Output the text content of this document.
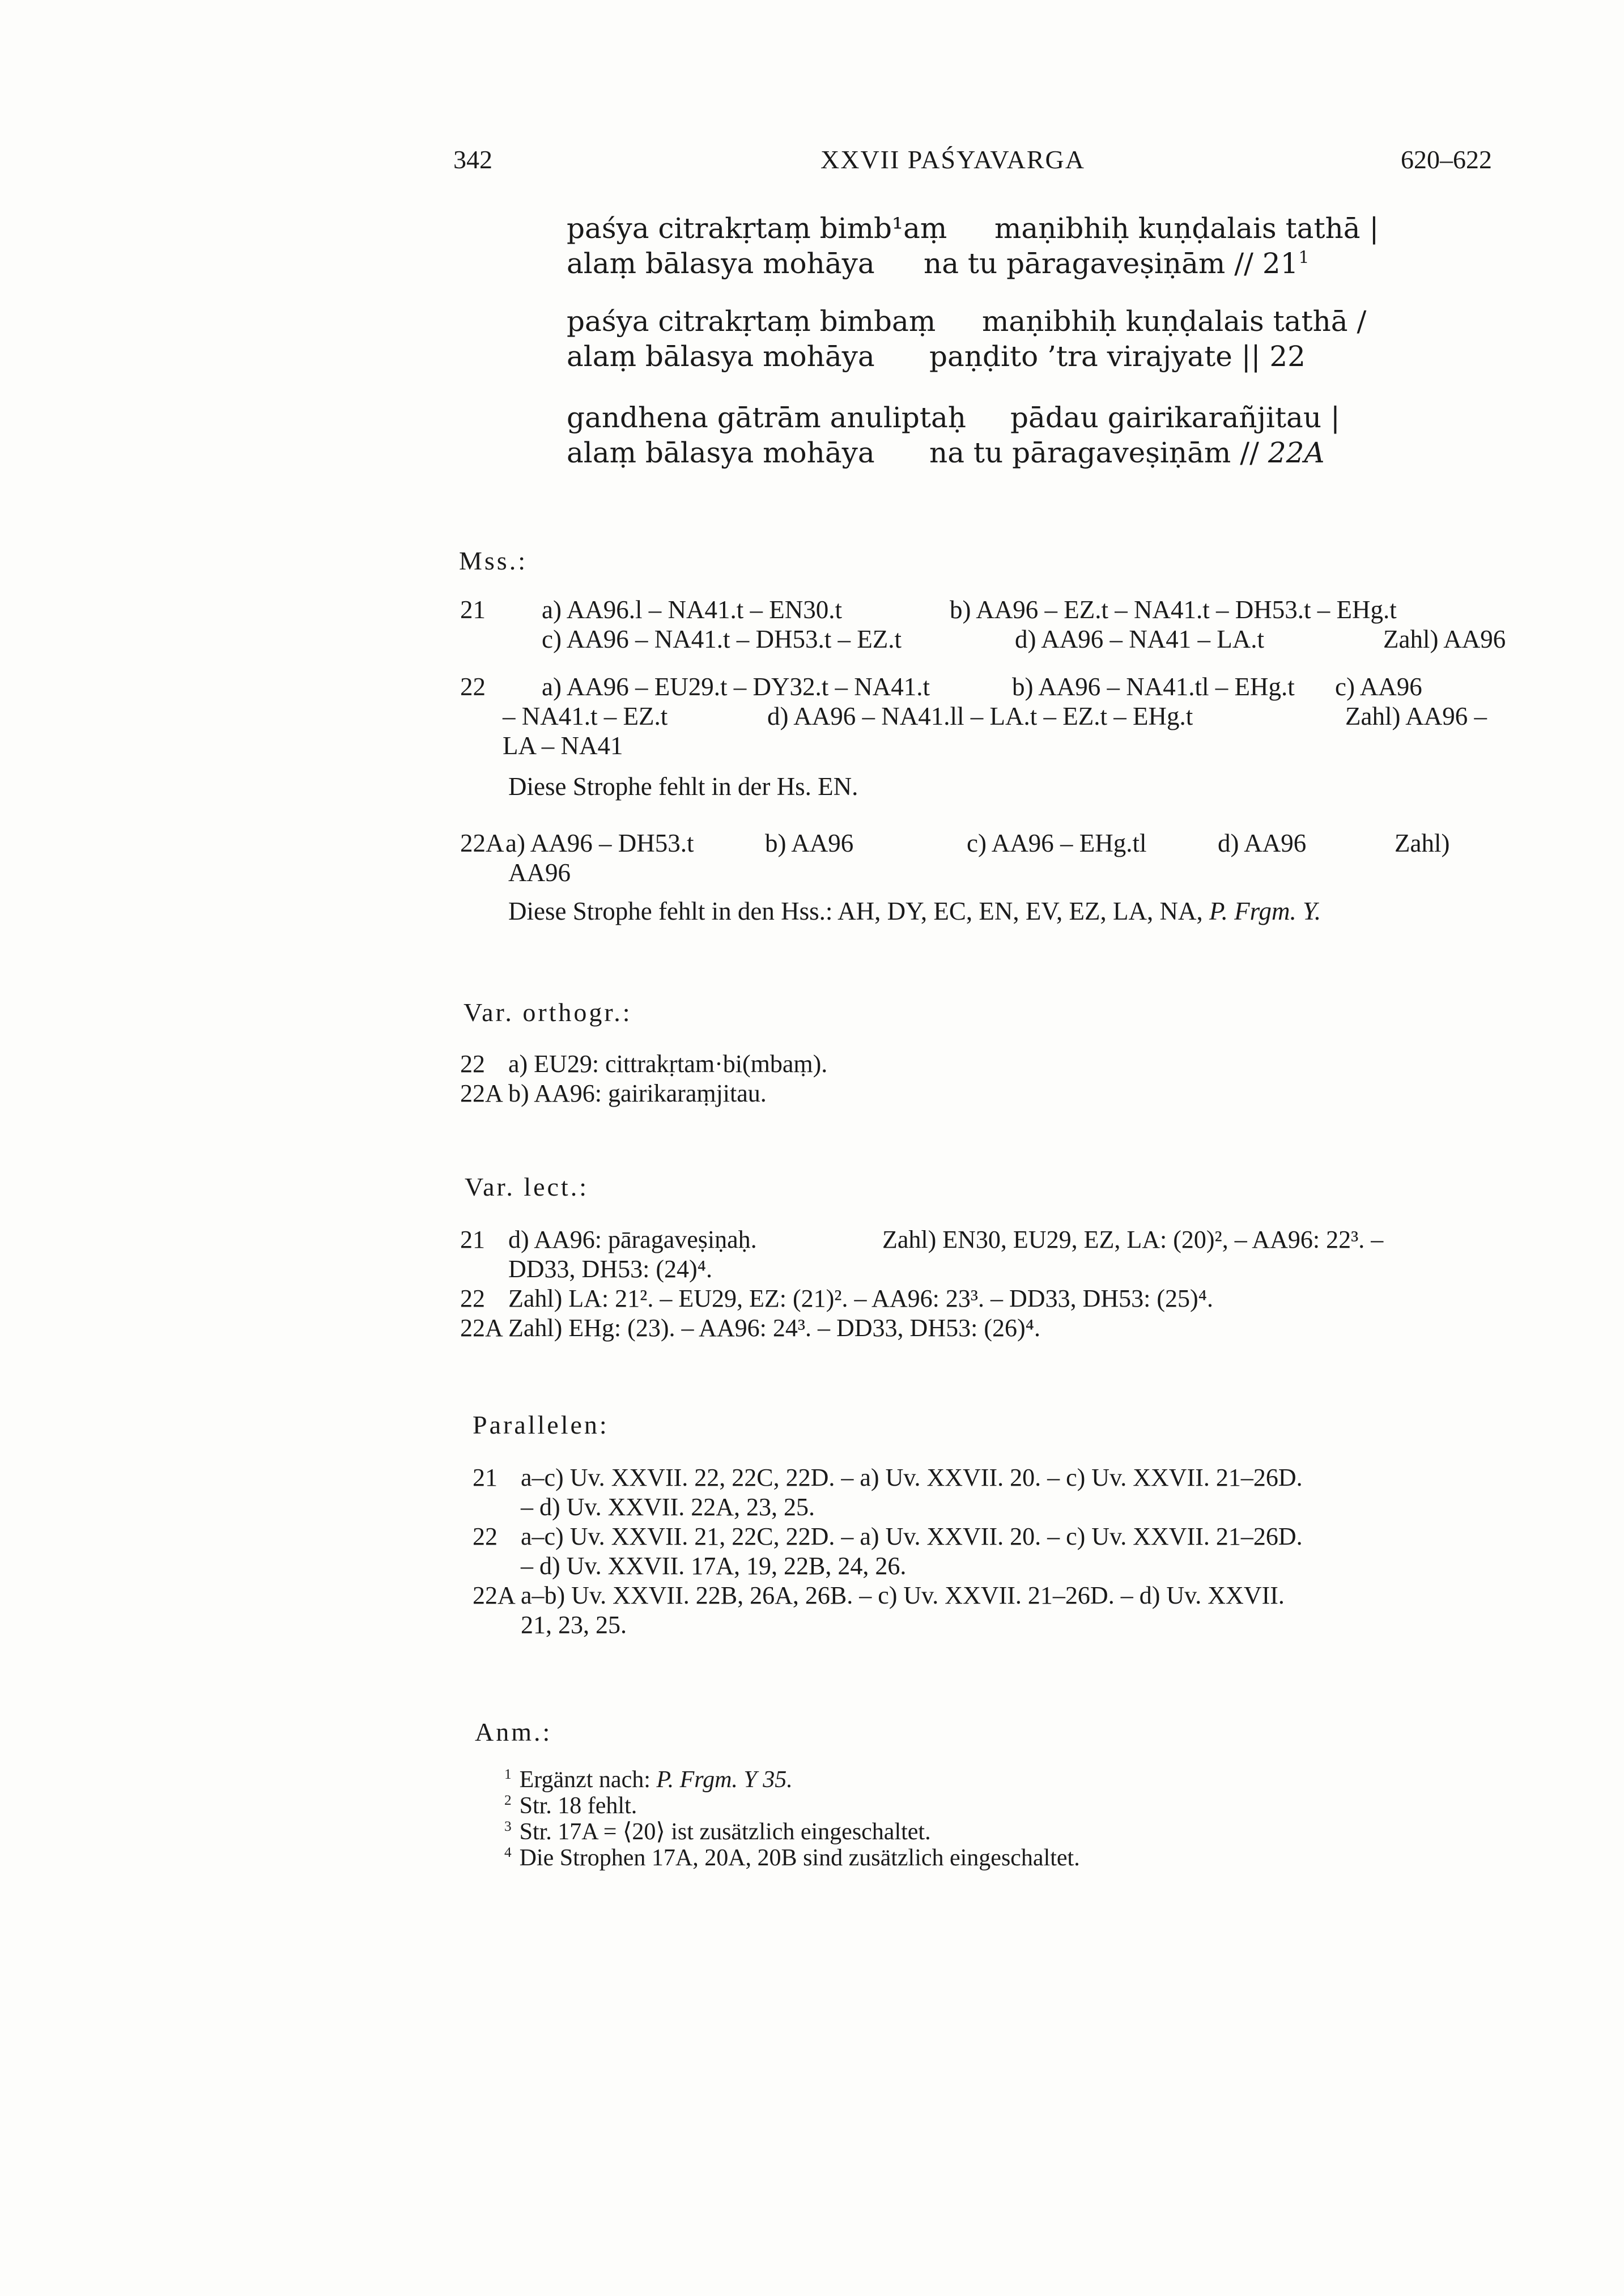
342	XXVII PAŚYAVARGA	620–622
paśya citrakṛtaṃ bimb¹aṃ maṇibhiḥ kuṇḍalais tathā |
alaṃ bālasya mohāya na tu pāragaveṣiṇām // $21^1$
paśya citrakṛtaṃ bimbaṃ maṇibhiḥ kuṇḍalais tathā /
alaṃ bālasya mohāya paṇḍito ’tra virajyate || 22
gandhena gātrām anuliptaḥ pādau gairikarañjitau |
alaṃ bālasya mohāya na tu pāragaveṣiṇām // 22A
Mss.:
21 a) AA96.l – NA41.t – EN30.t	b) AA96 – EZ.t – NA41.t – DH53.t – EHg.t
c) AA96 – NA41.t – DH53.t – EZ.t	d) AA96 – NA41 – LA.t	Zahl) AA96
22 a) AA96 – EU29.t – DY32.t – NA41.t	b) AA96 – NA41.tl – EHg.t c) AA96
– NA41.t – EZ.t	d) AA96 – NA41.ll – LA.t – EZ.t – EHg.t	Zahl) AA96 –
LA – NA41
Diese Strophe fehlt in der Hs. EN.
22Aa) AA96 – DH53.t	b) AA96	c) AA96 – EHg.tl	d) AA96	Zahl)
AA96
Diese Strophe fehlt in den Hss.: AH, DY, EC, EN, EV, EZ, LA, NA, P. Frgm. Y.
Var. orthogr.:
22 a) EU29: cittrakṛtam·bi(mbaṃ).
22A b) AA96: gairikaraṃjitau.
Var. lect.:
21 d) AA96: pāragaveṣiṇaḥ.	Zahl) EN30, EU29, EZ, LA: (20)², – AA96: 22³. –
DD33, DH53: (24)⁴.
22 Zahl) LA: 21². – EU29, EZ: (21)². – AA96: 23³. – DD33, DH53: (25)⁴.
22A Zahl) EHg: (23). – AA96: 24³. – DD33, DH53: (26)⁴.
Parallelen:
21 a–c) Uv. XXVII. 22, 22C, 22D. – a) Uv. XXVII. 20. – c) Uv. XXVII. 21–26D.
– d) Uv. XXVII. 22A, 23, 25.
22 a–c) Uv. XXVII. 21, 22C, 22D. – a) Uv. XXVII. 20. – c) Uv. XXVII. 21–26D.
– d) Uv. XXVII. 17A, 19, 22B, 24, 26.
22A a–b) Uv. XXVII. 22B, 26A, 26B. – c) Uv. XXVII. 21–26D. – d) Uv. XXVII.
21, 23, 25.
Anm.:
$^1$ Ergänzt nach: P. Frgm. Y 35.
$^2$ Str. 18 fehlt.
$^3$ Str. 17A = ⟨20⟩ ist zusätzlich eingeschaltet.
$^4$ Die Strophen 17A, 20A, 20B sind zusätzlich eingeschaltet.
